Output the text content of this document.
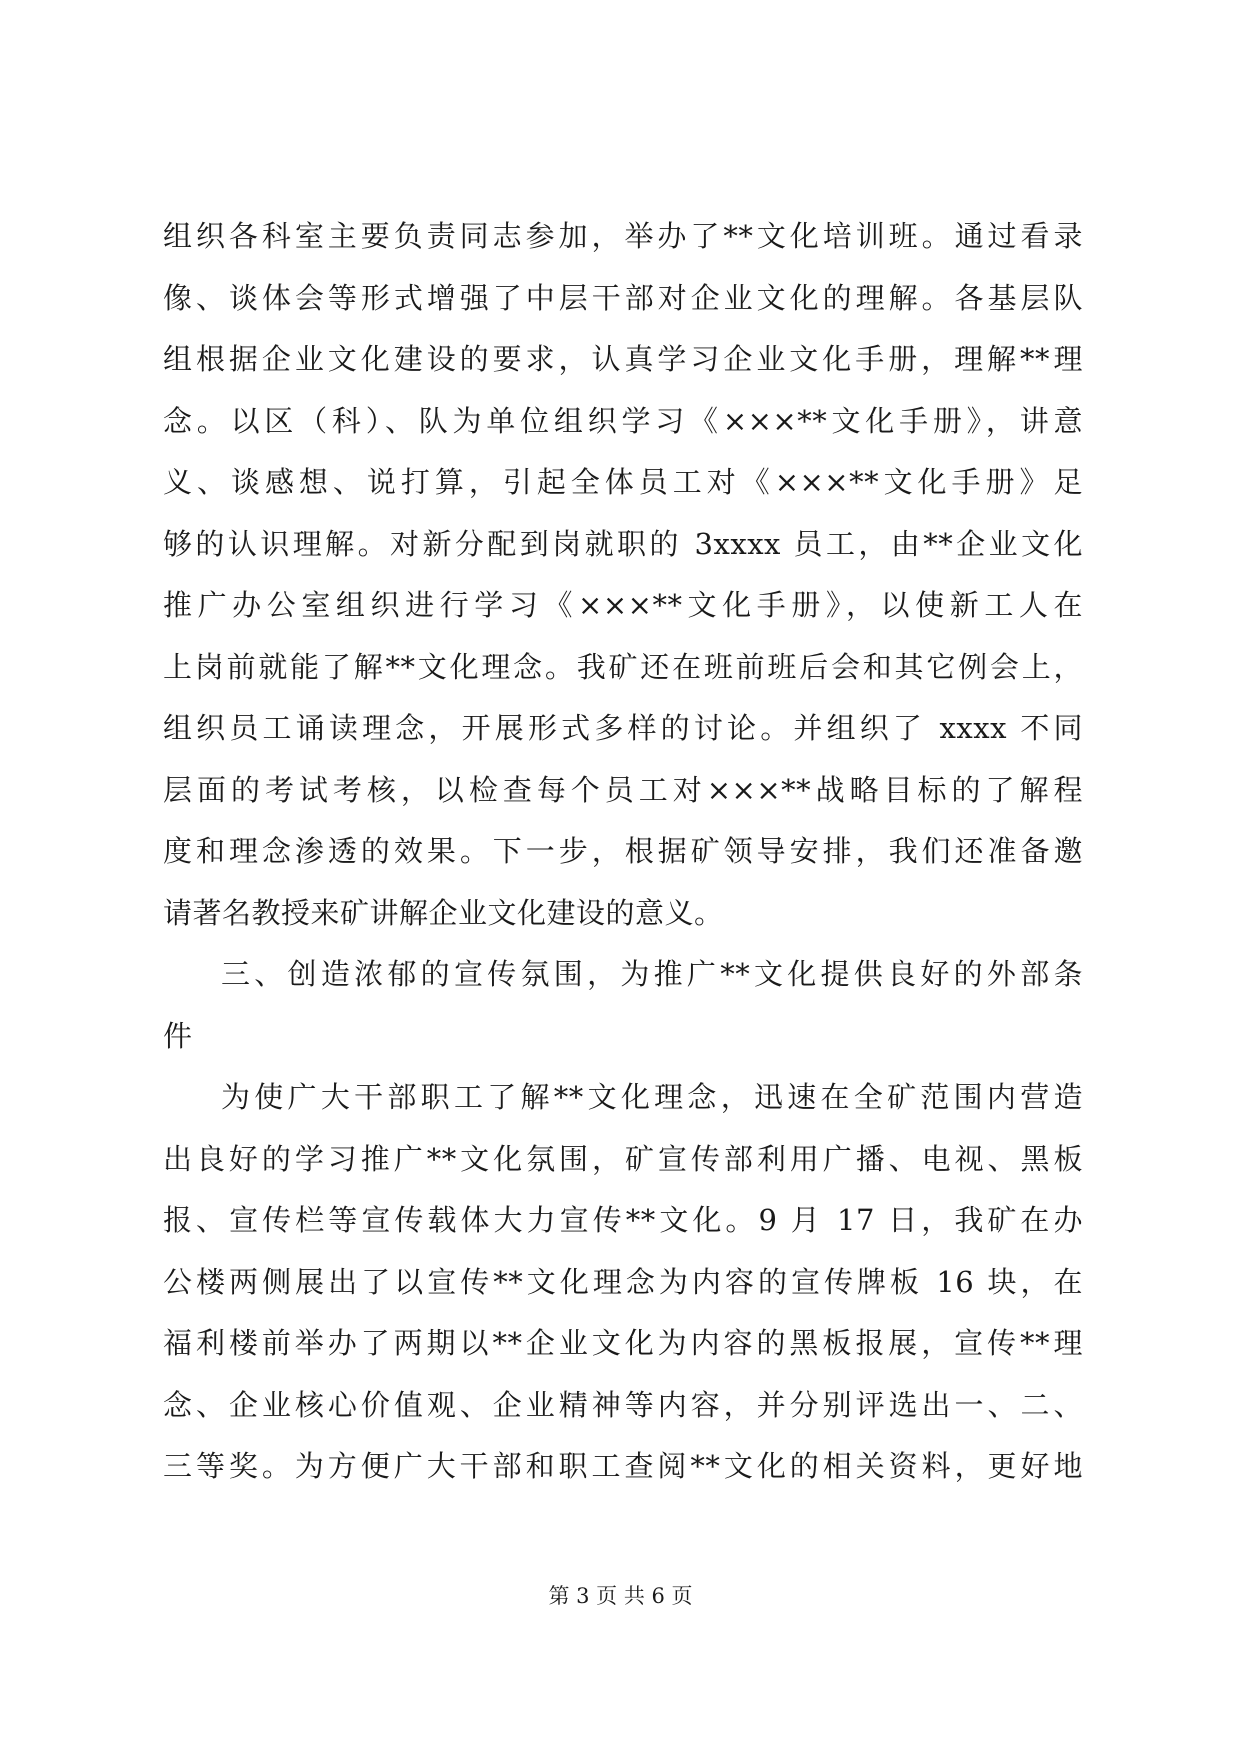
组织各科室主要负责同志参加，举办了**文化培训班。通过看录
像、谈体会等形式增强了中层干部对企业文化的理解。各基层队
组根据企业文化建设的要求，认真学习企业文化手册，理解**理
念。以区（科）、队为单位组织学习《×××**文化手册》，讲意
义、谈感想、说打算，引起全体员工对《×××**文化手册》足
够的认识理解。对新分配到岗就职的 3xxxx 员工，由**企业文化
推广办公室组织进行学习《×××**文化手册》，以使新工人在
上岗前就能了解**文化理念。我矿还在班前班后会和其它例会上，
组织员工诵读理念，开展形式多样的讨论。并组织了 xxxx 不同
层面的考试考核，以检查每个员工对×××**战略目标的了解程
度和理念渗透的效果。下一步，根据矿领导安排，我们还准备邀
请著名教授来矿讲解企业文化建设的意义。
三、创造浓郁的宣传氛围，为推广**文化提供良好的外部条
件
为使广大干部职工了解**文化理念，迅速在全矿范围内营造
出良好的学习推广**文化氛围，矿宣传部利用广播、电视、黑板
报、宣传栏等宣传载体大力宣传**文化。9 月 17 日，我矿在办
公楼两侧展出了以宣传**文化理念为内容的宣传牌板 16 块，在
福利楼前举办了两期以**企业文化为内容的黑板报展，宣传**理
念、企业核心价值观、企业精神等内容，并分别评选出一、二、
三等奖。为方便广大干部和职工查阅**文化的相关资料，更好地
第 3 页 共 6 页
